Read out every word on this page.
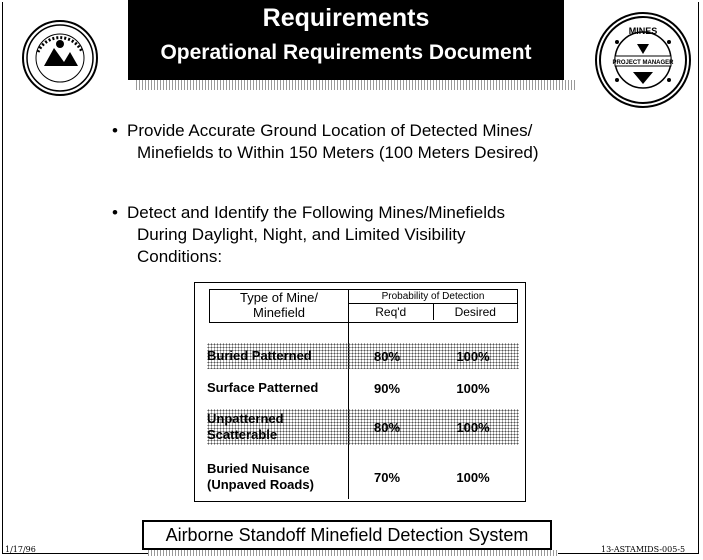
Requirements
Operational Requirements Document
MINES
PROJECT MANAGER
• Provide Accurate Ground Location of Detected Mines/
Minefields to Within 150 Meters (100 Meters Desired)
• Detect and Identify the Following Mines/Minefields
During Daylight, Night, and Limited Visibility
Conditions:
Type of Mine/
Minefield
Probability of Detection
Req'd	Desired
Buried Patterned	80%	100%
Surface Patterned	90%	100%
Unpatterned
Scatterable	80%	100%
Buried Nuisance
(Unpaved Roads)	70%	100%
Airborne Standoff Minefield Detection System
1/17/96	13-ASTAMIDS-005-5
